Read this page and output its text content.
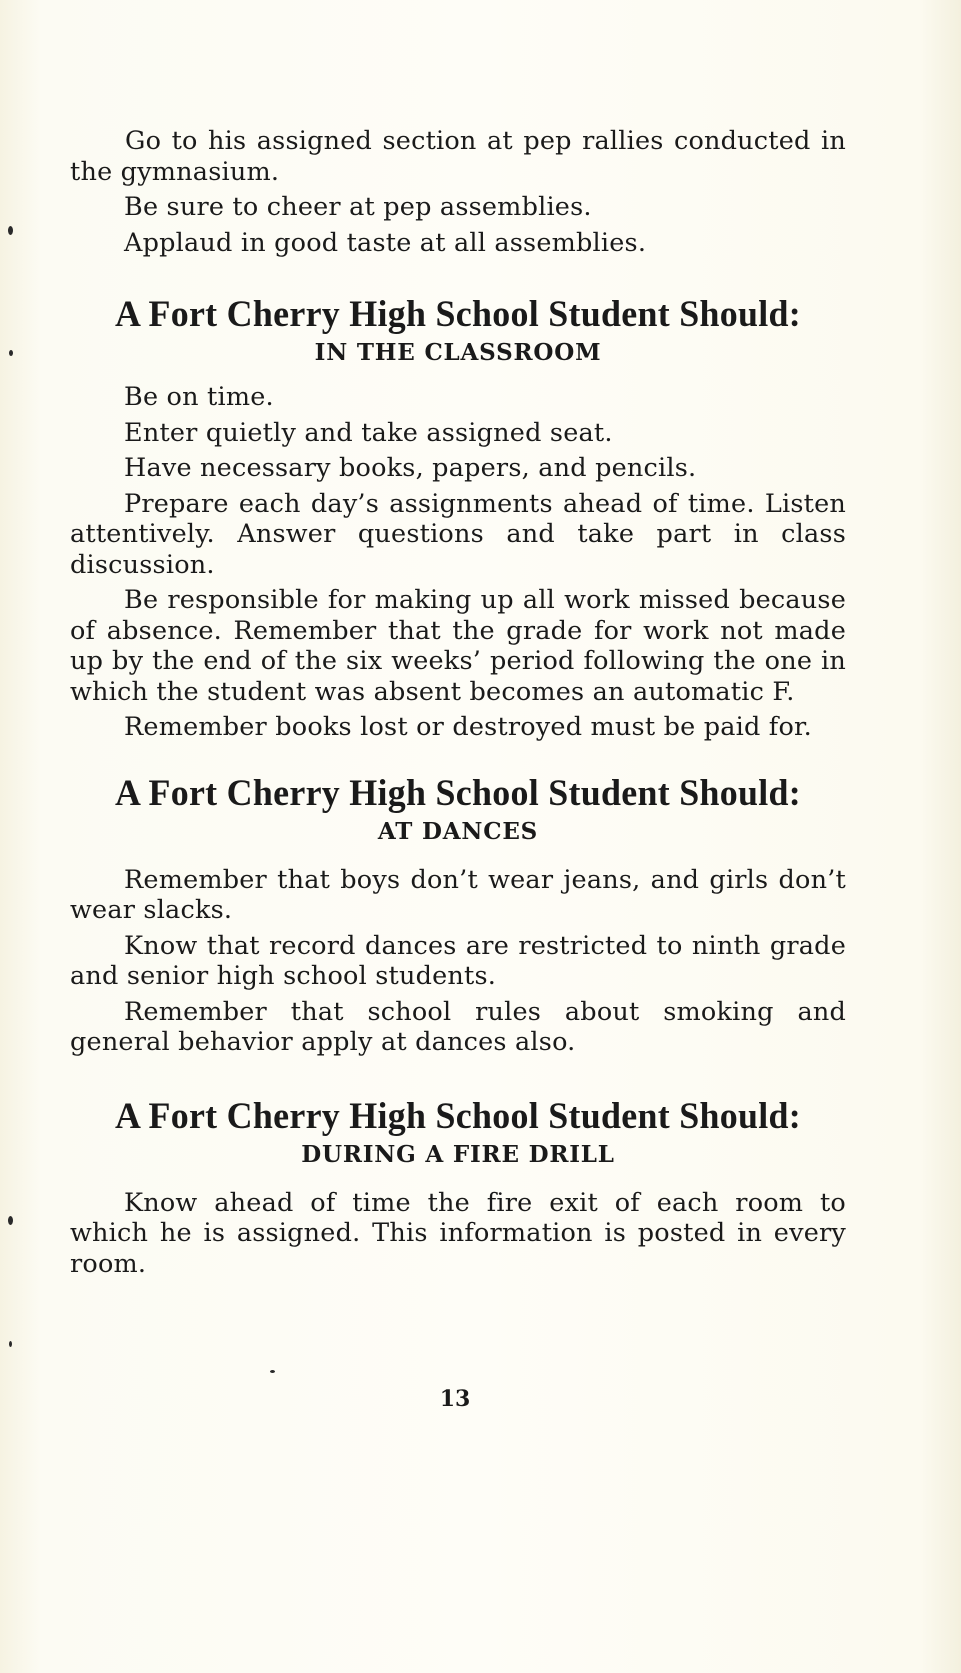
Go to his assigned section at pep rallies conducted in the gymnasium.

Be sure to cheer at pep assemblies.

Applaud in good taste at all assemblies.

A Fort Cherry High School Student Should:
IN THE CLASSROOM

Be on time.

Enter quietly and take assigned seat.

Have necessary books, papers, and pencils.

Prepare each day’s assignments ahead of time. Listen attentively. Answer questions and take part in class discussion.

Be responsible for making up all work missed because of absence. Remember that the grade for work not made up by the end of the six weeks’ period following the one in which the student was absent becomes an automatic F.

Remember books lost or destroyed must be paid for.

A Fort Cherry High School Student Should:
AT DANCES

Remember that boys don’t wear jeans, and girls don’t wear slacks.

Know that record dances are restricted to ninth grade and senior high school students.

Remember that school rules about smoking and general behavior apply at dances also.

A Fort Cherry High School Student Should:
DURING A FIRE DRILL

Know ahead of time the fire exit of each room to which he is assigned. This information is posted in every room.

13
